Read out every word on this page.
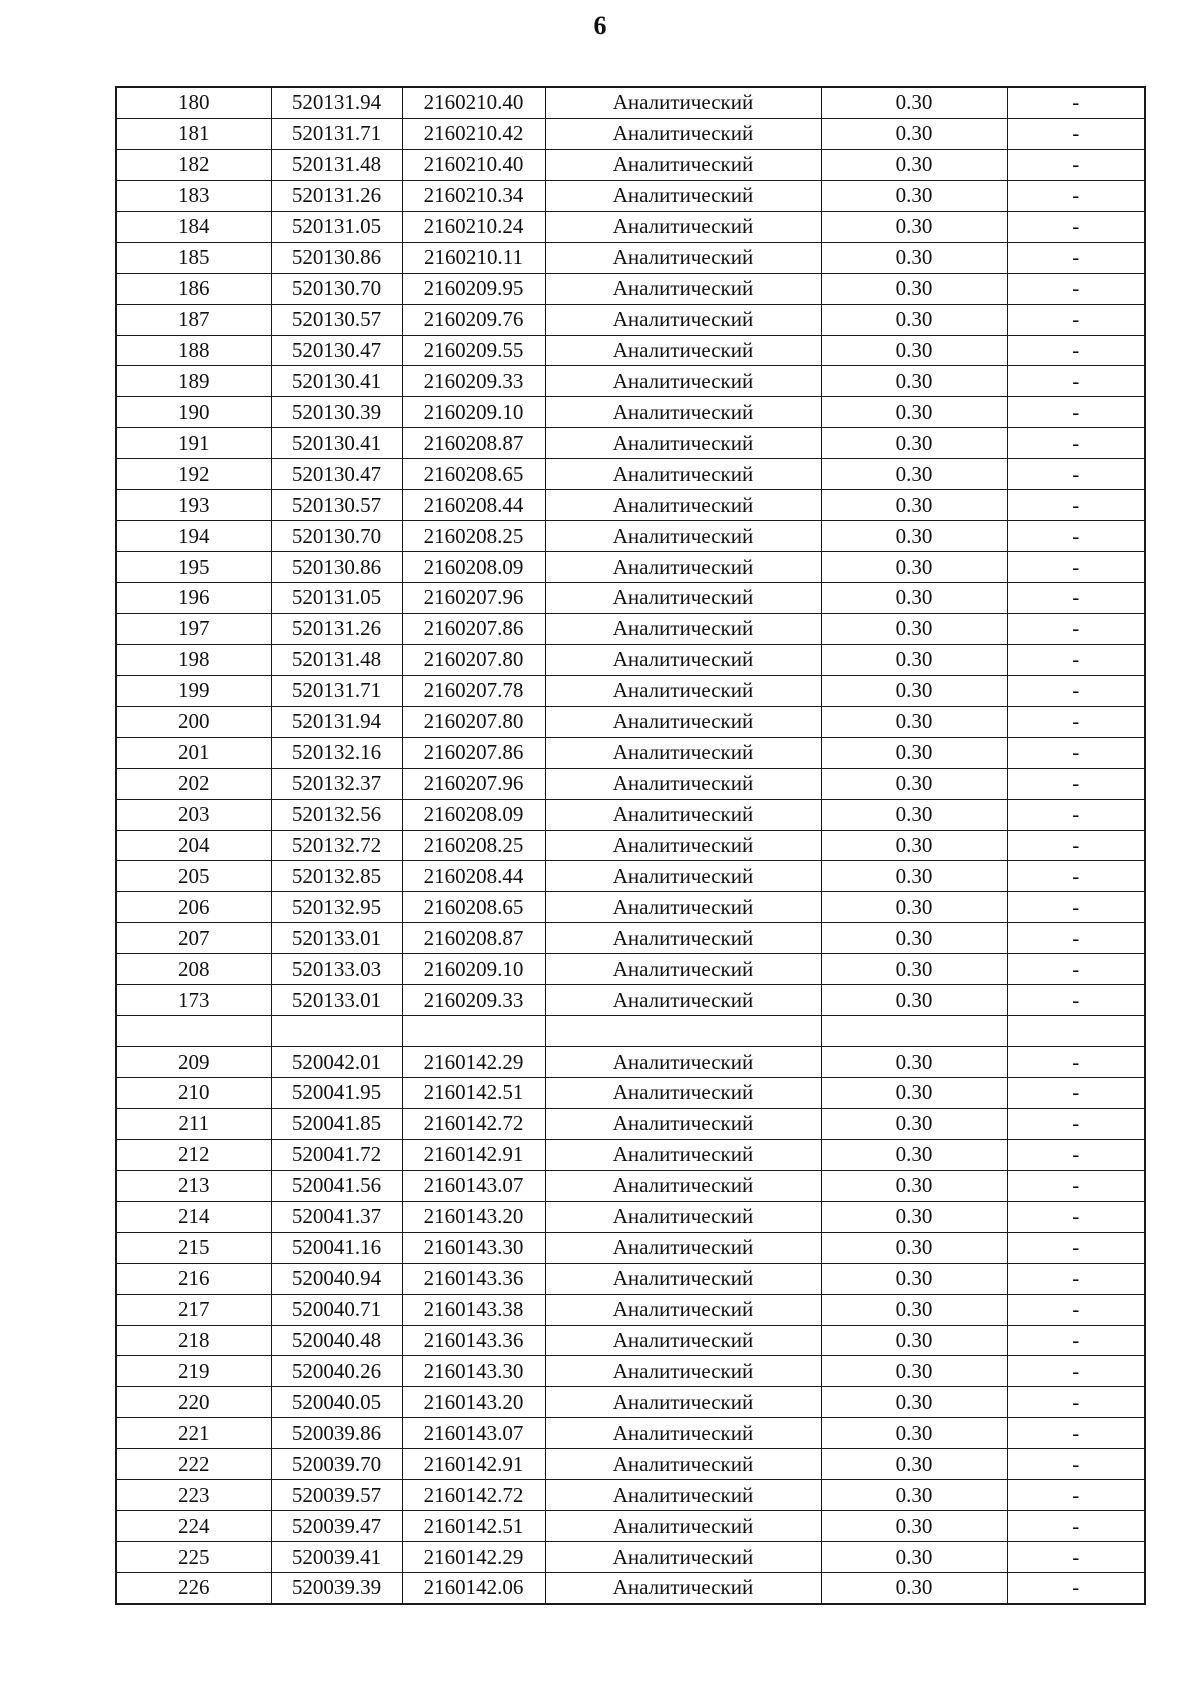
6
180	520131.94	2160210.40	Аналитический	0.30	-
181	520131.71	2160210.42	Аналитический	0.30	-
182	520131.48	2160210.40	Аналитический	0.30	-
183	520131.26	2160210.34	Аналитический	0.30	-
184	520131.05	2160210.24	Аналитический	0.30	-
185	520130.86	2160210.11	Аналитический	0.30	-
186	520130.70	2160209.95	Аналитический	0.30	-
187	520130.57	2160209.76	Аналитический	0.30	-
188	520130.47	2160209.55	Аналитический	0.30	-
189	520130.41	2160209.33	Аналитический	0.30	-
190	520130.39	2160209.10	Аналитический	0.30	-
191	520130.41	2160208.87	Аналитический	0.30	-
192	520130.47	2160208.65	Аналитический	0.30	-
193	520130.57	2160208.44	Аналитический	0.30	-
194	520130.70	2160208.25	Аналитический	0.30	-
195	520130.86	2160208.09	Аналитический	0.30	-
196	520131.05	2160207.96	Аналитический	0.30	-
197	520131.26	2160207.86	Аналитический	0.30	-
198	520131.48	2160207.80	Аналитический	0.30	-
199	520131.71	2160207.78	Аналитический	0.30	-
200	520131.94	2160207.80	Аналитический	0.30	-
201	520132.16	2160207.86	Аналитический	0.30	-
202	520132.37	2160207.96	Аналитический	0.30	-
203	520132.56	2160208.09	Аналитический	0.30	-
204	520132.72	2160208.25	Аналитический	0.30	-
205	520132.85	2160208.44	Аналитический	0.30	-
206	520132.95	2160208.65	Аналитический	0.30	-
207	520133.01	2160208.87	Аналитический	0.30	-
208	520133.03	2160209.10	Аналитический	0.30	-
173	520133.01	2160209.33	Аналитический	0.30	-

209	520042.01	2160142.29	Аналитический	0.30	-
210	520041.95	2160142.51	Аналитический	0.30	-
211	520041.85	2160142.72	Аналитический	0.30	-
212	520041.72	2160142.91	Аналитический	0.30	-
213	520041.56	2160143.07	Аналитический	0.30	-
214	520041.37	2160143.20	Аналитический	0.30	-
215	520041.16	2160143.30	Аналитический	0.30	-
216	520040.94	2160143.36	Аналитический	0.30	-
217	520040.71	2160143.38	Аналитический	0.30	-
218	520040.48	2160143.36	Аналитический	0.30	-
219	520040.26	2160143.30	Аналитический	0.30	-
220	520040.05	2160143.20	Аналитический	0.30	-
221	520039.86	2160143.07	Аналитический	0.30	-
222	520039.70	2160142.91	Аналитический	0.30	-
223	520039.57	2160142.72	Аналитический	0.30	-
224	520039.47	2160142.51	Аналитический	0.30	-
225	520039.41	2160142.29	Аналитический	0.30	-
226	520039.39	2160142.06	Аналитический	0.30	-
